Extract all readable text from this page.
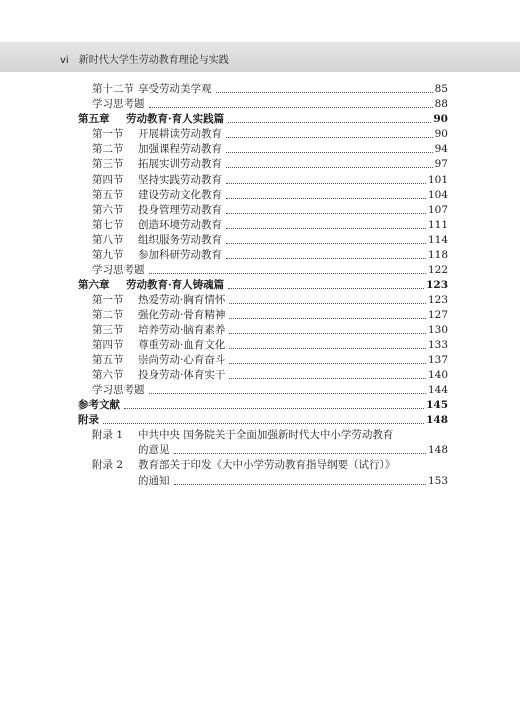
vi 新时代大学生劳动教育理论与实践
第十二节 享受劳动美学观	85
学习思考题	88
第五章	劳动教育·育人实践篇	90
第一节	开展耕读劳动教育	90
第二节	加强课程劳动教育	94
第三节	拓展实训劳动教育	97
第四节	坚持实践劳动教育	101
第五节	建设劳动文化教育	104
第六节	投身管理劳动教育	107
第七节	创造环境劳动教育	111
第八节	组织服务劳动教育	114
第九节	参加科研劳动教育	118
学习思考题	122
第六章	劳动教育·育人铸魂篇	123
第一节	热爱劳动·胸育情怀	123
第二节	强化劳动·骨育精神	127
第三节	培养劳动·脑育素养	130
第四节	尊重劳动·血育文化	133
第五节	崇尚劳动·心育奋斗	137
第六节	投身劳动·体育实干	140
学习思考题	144
参考文献	145
附录	148
附录 1	中共中央 国务院关于全面加强新时代大中小学劳动教育
的意见	148
附录 2	教育部关于印发《大中小学劳动教育指导纲要（试行）》
的通知	153
